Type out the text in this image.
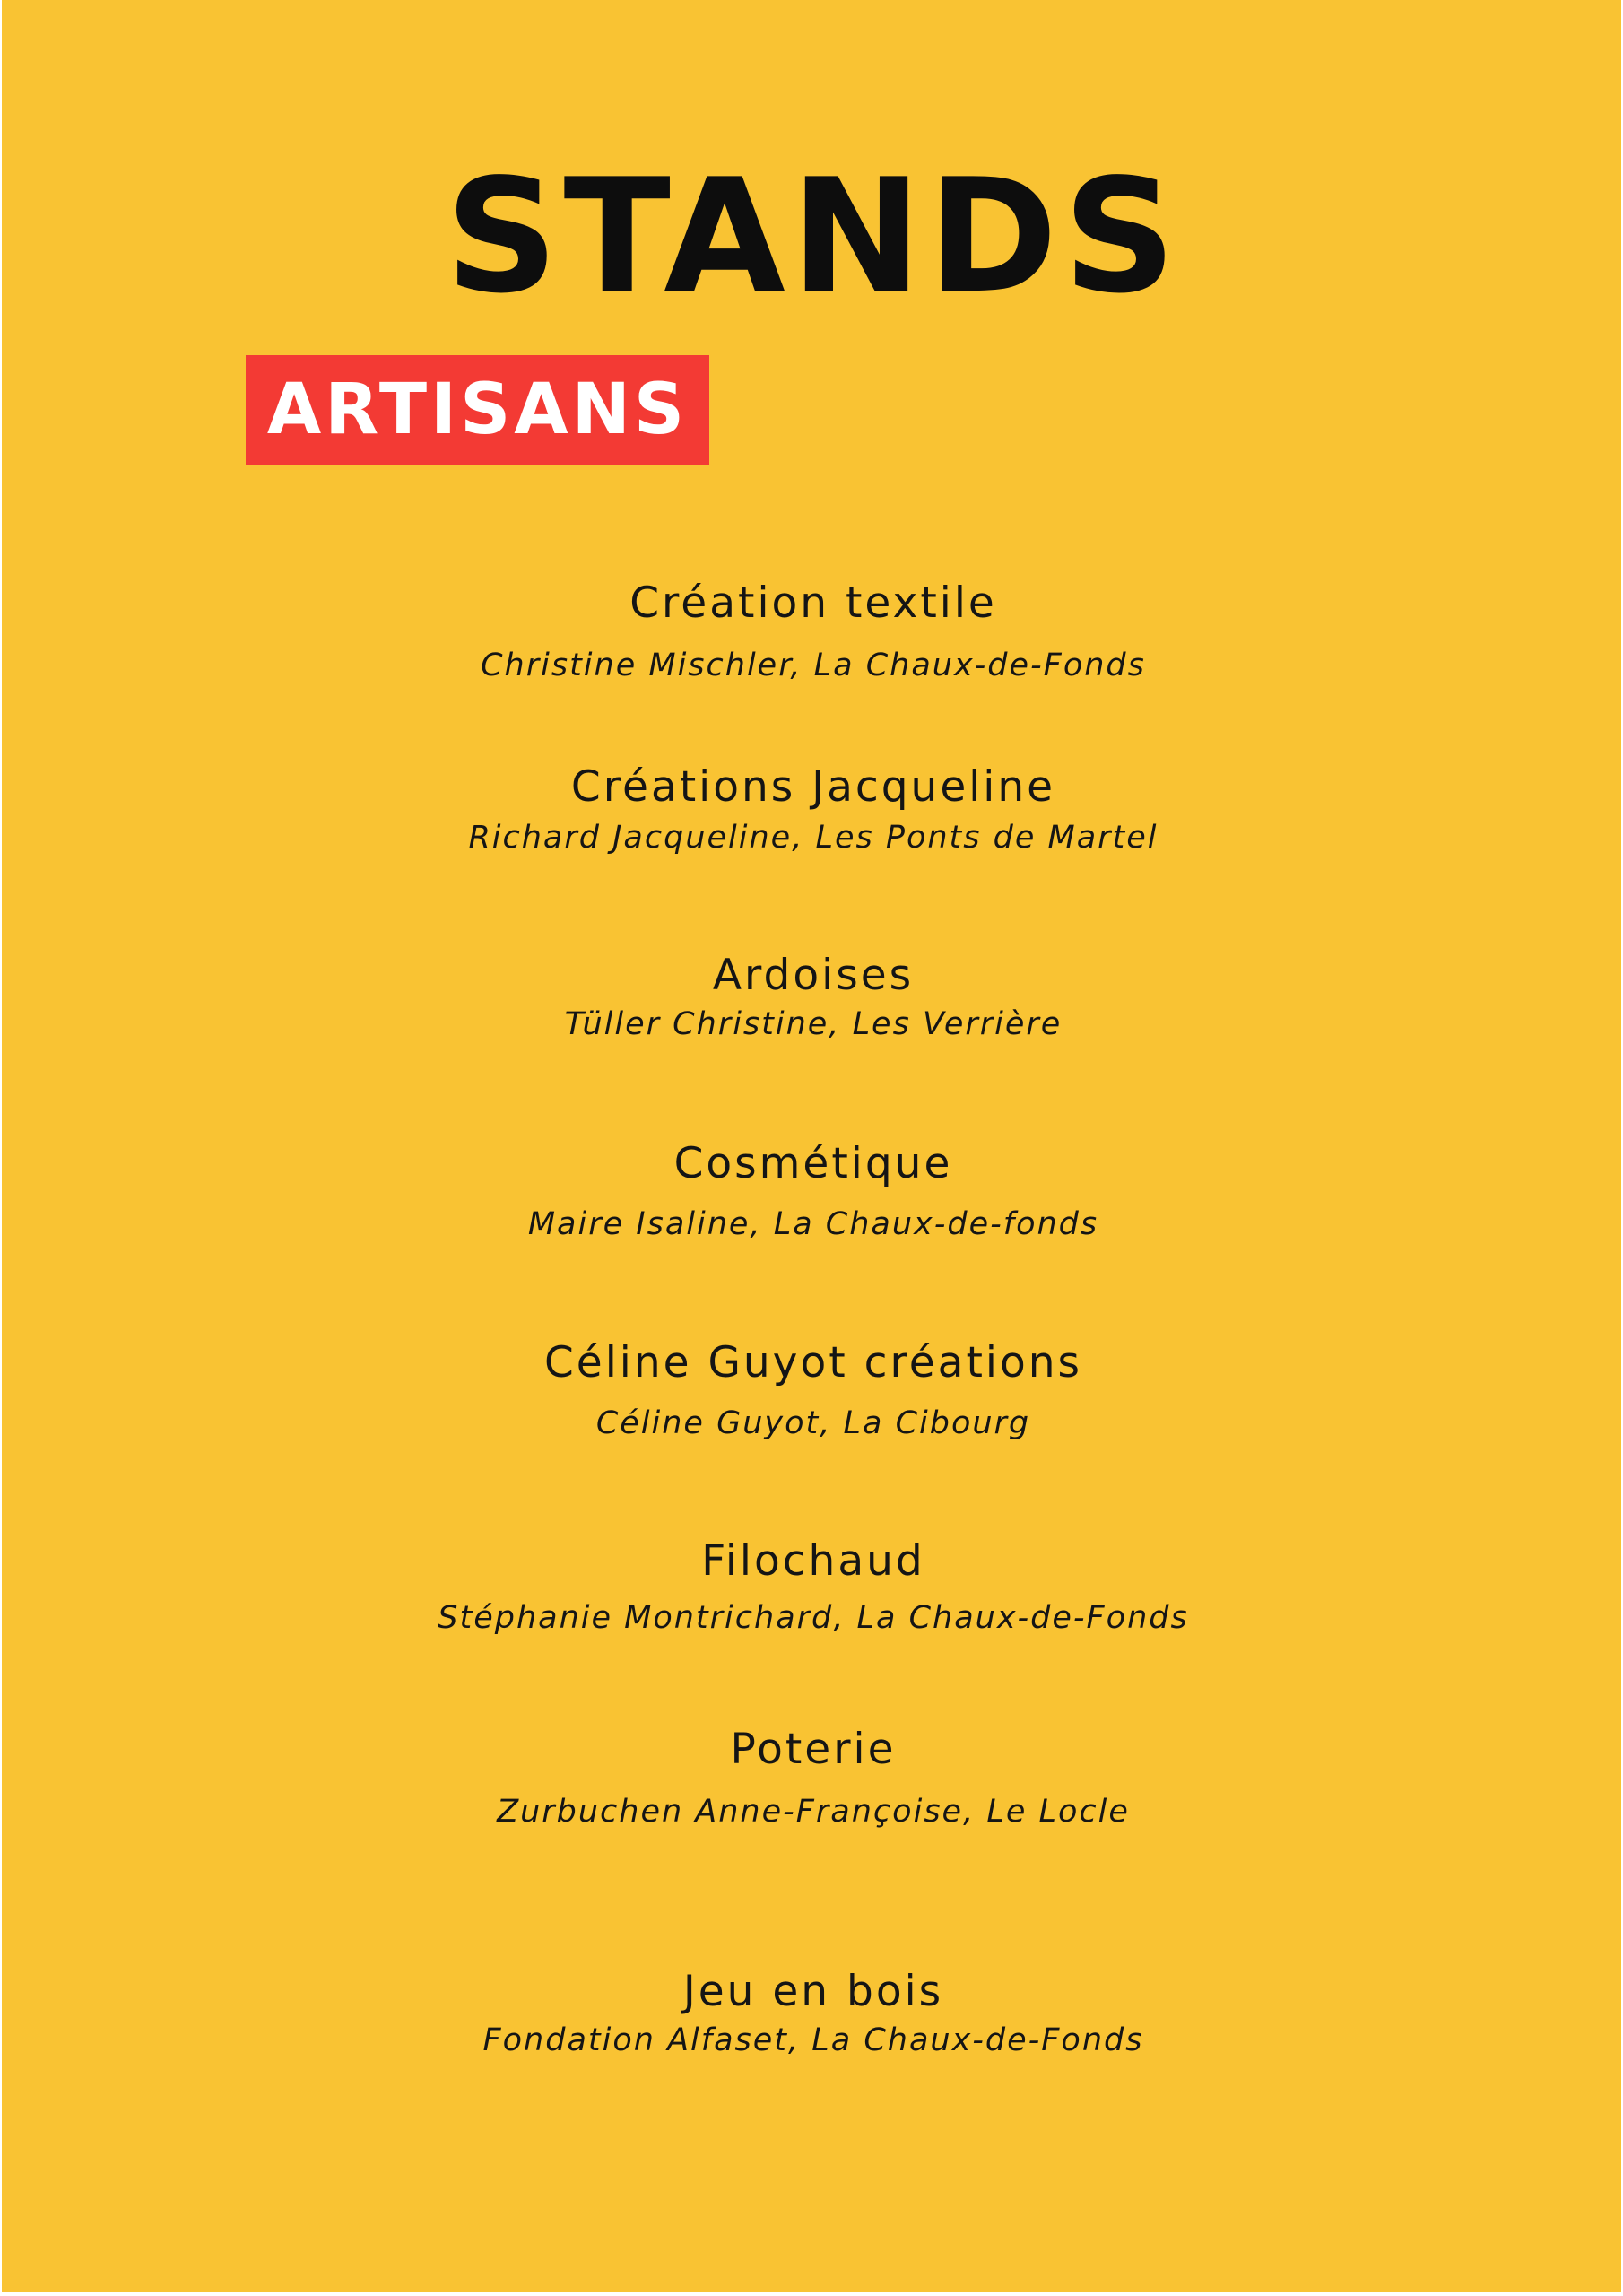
STANDS
ARTISANS
Création textile
Christine Mischler, La Chaux-de-Fonds
Créations Jacqueline
Richard Jacqueline, Les Ponts de Martel
Ardoises
Tüller Christine, Les Verrière
Cosmétique
Maire Isaline, La Chaux-de-fonds
Céline Guyot créations
Céline Guyot, La Cibourg
Filochaud
Stéphanie Montrichard, La Chaux-de-Fonds
Poterie
Zurbuchen Anne-Françoise, Le Locle
Jeu en bois
Fondation Alfaset, La Chaux-de-Fonds
